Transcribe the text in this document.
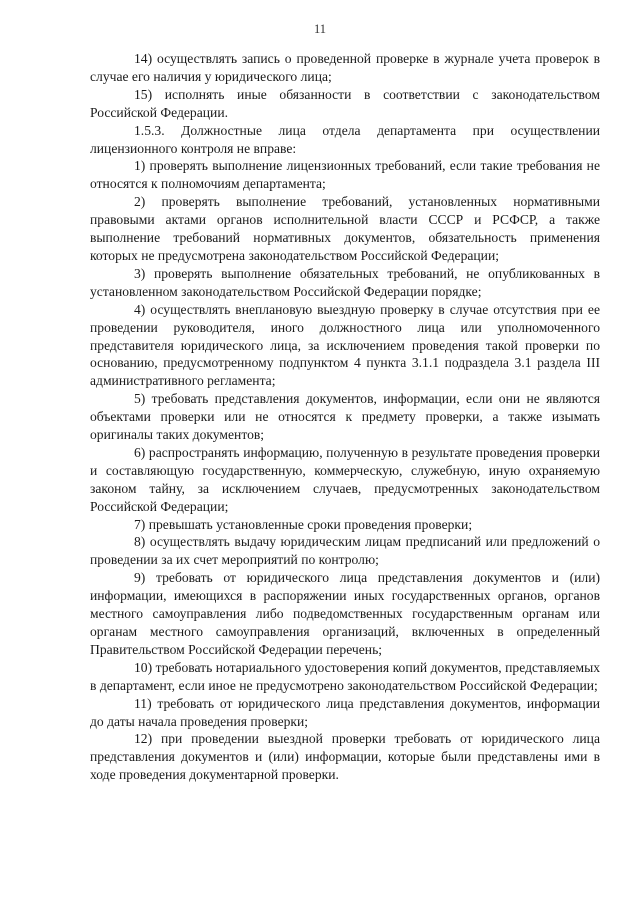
11

14) осуществлять запись о проведенной проверке в журнале учета проверок в случае его наличия у юридического лица;

15) исполнять иные обязанности в соответствии с законодательством Российской Федерации.

1.5.3. Должностные лица отдела департамента при осуществлении лицензионного контроля не вправе:

1) проверять выполнение лицензионных требований, если такие требования не относятся к полномочиям департамента;

2) проверять выполнение требований, установленных нормативными правовыми актами органов исполнительной власти СССР и РСФСР, а также выполнение требований нормативных документов, обязательность применения которых не предусмотрена законодательством Российской Федерации;

3) проверять выполнение обязательных требований, не опубликованных в установленном законодательством Российской Федерации порядке;

4) осуществлять внеплановую выездную проверку в случае отсутствия при ее проведении руководителя, иного должностного лица или уполномоченного представителя юридического лица, за исключением проведения такой проверки по основанию, предусмотренному подпунктом 4 пункта 3.1.1 подраздела 3.1 раздела III административного регламента;

5) требовать представления документов, информации, если они не являются объектами проверки или не относятся к предмету проверки, а также изымать оригиналы таких документов;

6) распространять информацию, полученную в результате проведения проверки и составляющую государственную, коммерческую, служебную, иную охраняемую законом тайну, за исключением случаев, предусмотренных законодательством Российской Федерации;

7) превышать установленные сроки проведения проверки;

8) осуществлять выдачу юридическим лицам предписаний или предложений о проведении за их счет мероприятий по контролю;

9) требовать от юридического лица представления документов и (или) информации, имеющихся в распоряжении иных государственных органов, органов местного самоуправления либо подведомственных государственным органам или органам местного самоуправления организаций, включенных в определенный Правительством Российской Федерации перечень;

10) требовать нотариального удостоверения копий документов, представляемых в департамент, если иное не предусмотрено законодательством Российской Федерации;

11) требовать от юридического лица представления документов, информации до даты начала проведения проверки;

12) при проведении выездной проверки требовать от юридического лица представления документов и (или) информации, которые были представлены ими в ходе проведения документарной проверки.
